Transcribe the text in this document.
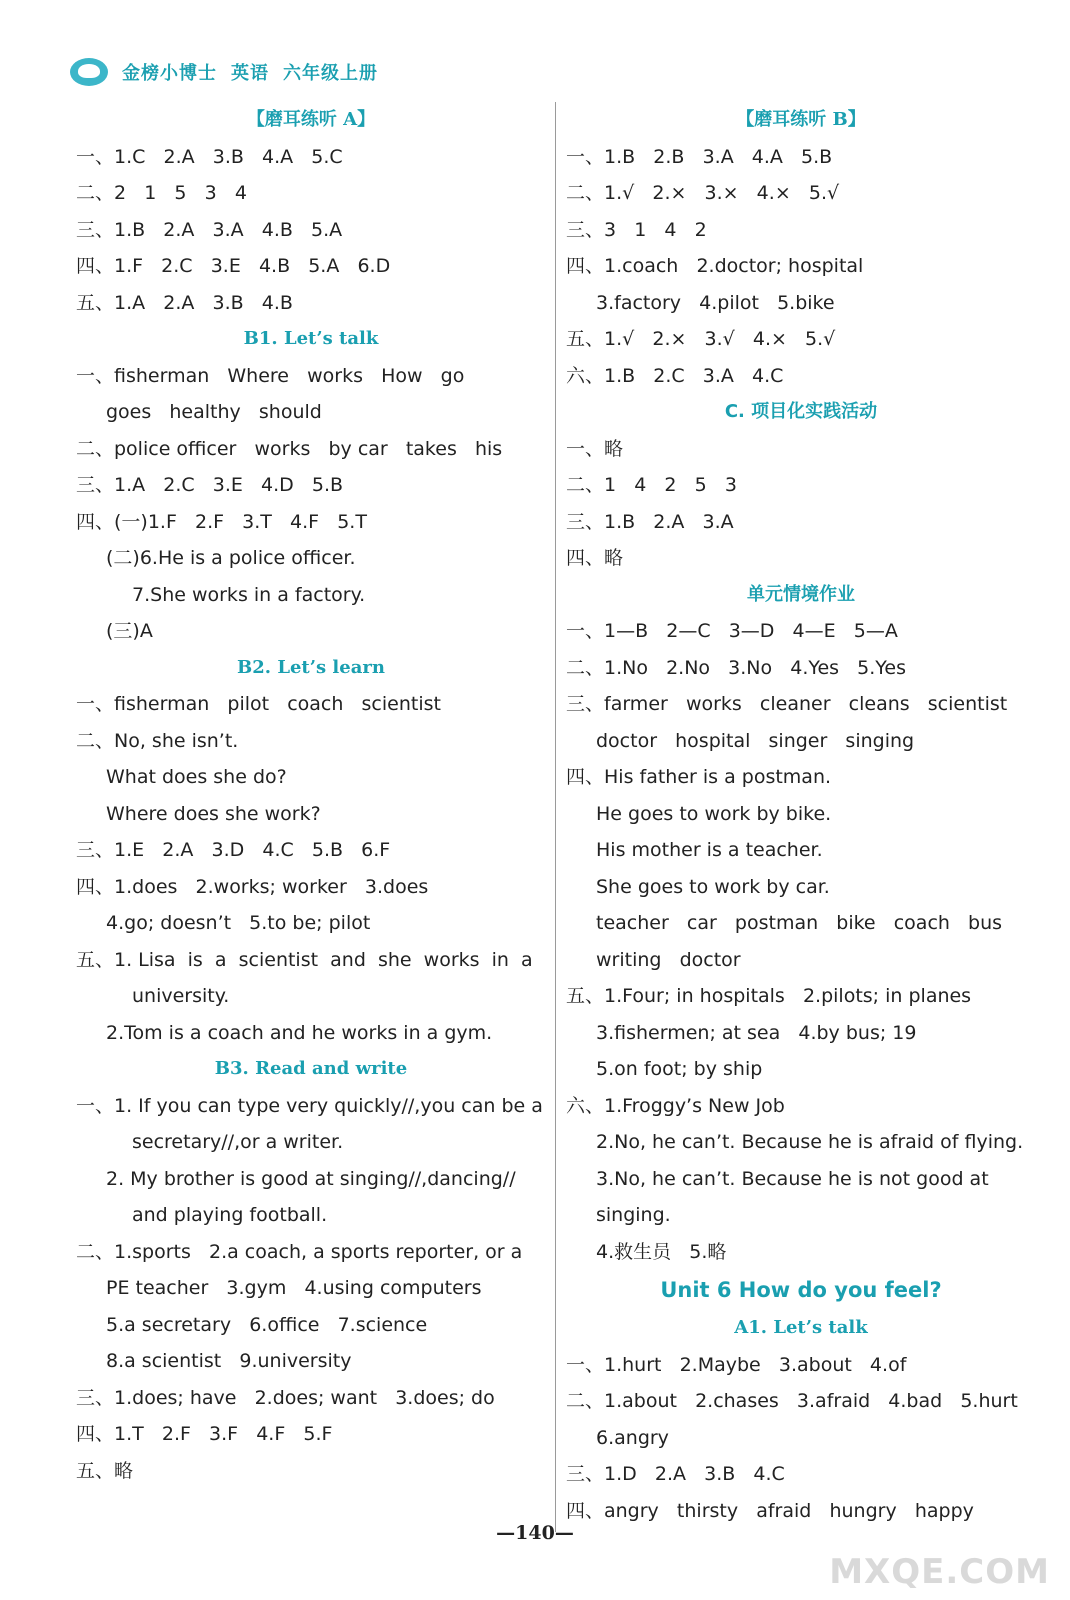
金榜小博士 英语 六年级上册
【磨耳练听 A】
一、1.C   2.A   3.B   4.A   5.C
二、2   1   5   3   4
三、1.B   2.A   3.A   4.B   5.A
四、1.F   2.C   3.E   4.B   5.A   6.D
五、1.A   2.A   3.B   4.B
B1. Let’s talk
一、fisherman   Where   works   How   go
goes   healthy   should
二、police officer   works   by car   takes   his
三、1.A   2.C   3.E   4.D   5.B
四、(一)1.F   2.F   3.T   4.F   5.T
(二)6.He is a police officer.
7.She works in a factory.
(三)A
B2. Let’s learn
一、fisherman   pilot   coach   scientist
二、No, she isn’t.
What does she do?
Where does she work?
三、1.E   2.A   3.D   4.C   5.B   6.F
四、1.does   2.works; worker   3.does
4.go; doesn’t   5.to be; pilot
五、1. Lisa  is  a  scientist  and  she  works  in  a
university.
2.Tom is a coach and he works in a gym.
B3. Read and write
一、1. If you can type very quickly//,you can be a
secretary//,or a writer.
2. My brother is good at singing//,dancing//
and playing football.
二、1.sports   2.a coach, a sports reporter, or a
PE teacher   3.gym   4.using computers
5.a secretary   6.office   7.science
8.a scientist   9.university
三、1.does; have   2.does; want   3.does; do
四、1.T   2.F   3.F   4.F   5.F
五、略
【磨耳练听 B】
一、1.B   2.B   3.A   4.A   5.B
二、1.√   2.×   3.×   4.×   5.√
三、3   1   4   2
四、1.coach   2.doctor; hospital
3.factory   4.pilot   5.bike
五、1.√   2.×   3.√   4.×   5.√
六、1.B   2.C   3.A   4.C
C. 项目化实践活动
一、略
二、1   4   2   5   3
三、1.B   2.A   3.A
四、略
单元情境作业
一、1—B   2—C   3—D   4—E   5—A
二、1.No   2.No   3.No   4.Yes   5.Yes
三、farmer   works   cleaner   cleans   scientist
doctor   hospital   singer   singing
四、His father is a postman.
He goes to work by bike.
His mother is a teacher.
She goes to work by car.
teacher   car   postman   bike   coach   bus
writing   doctor
五、1.Four; in hospitals   2.pilots; in planes
3.fishermen; at sea   4.by bus; 19
5.on foot; by ship
六、1.Froggy’s New Job
2.No, he can’t. Because he is afraid of flying.
3.No, he can’t. Because he is not good at
singing.
4.救生员   5.略
Unit 6 How do you feel?
A1. Let’s talk
一、1.hurt   2.Maybe   3.about   4.of
二、1.about   2.chases   3.afraid   4.bad   5.hurt
6.angry
三、1.D   2.A   3.B   4.C
四、angry   thirsty   afraid   hungry   happy
—140—
MXQE.COM
